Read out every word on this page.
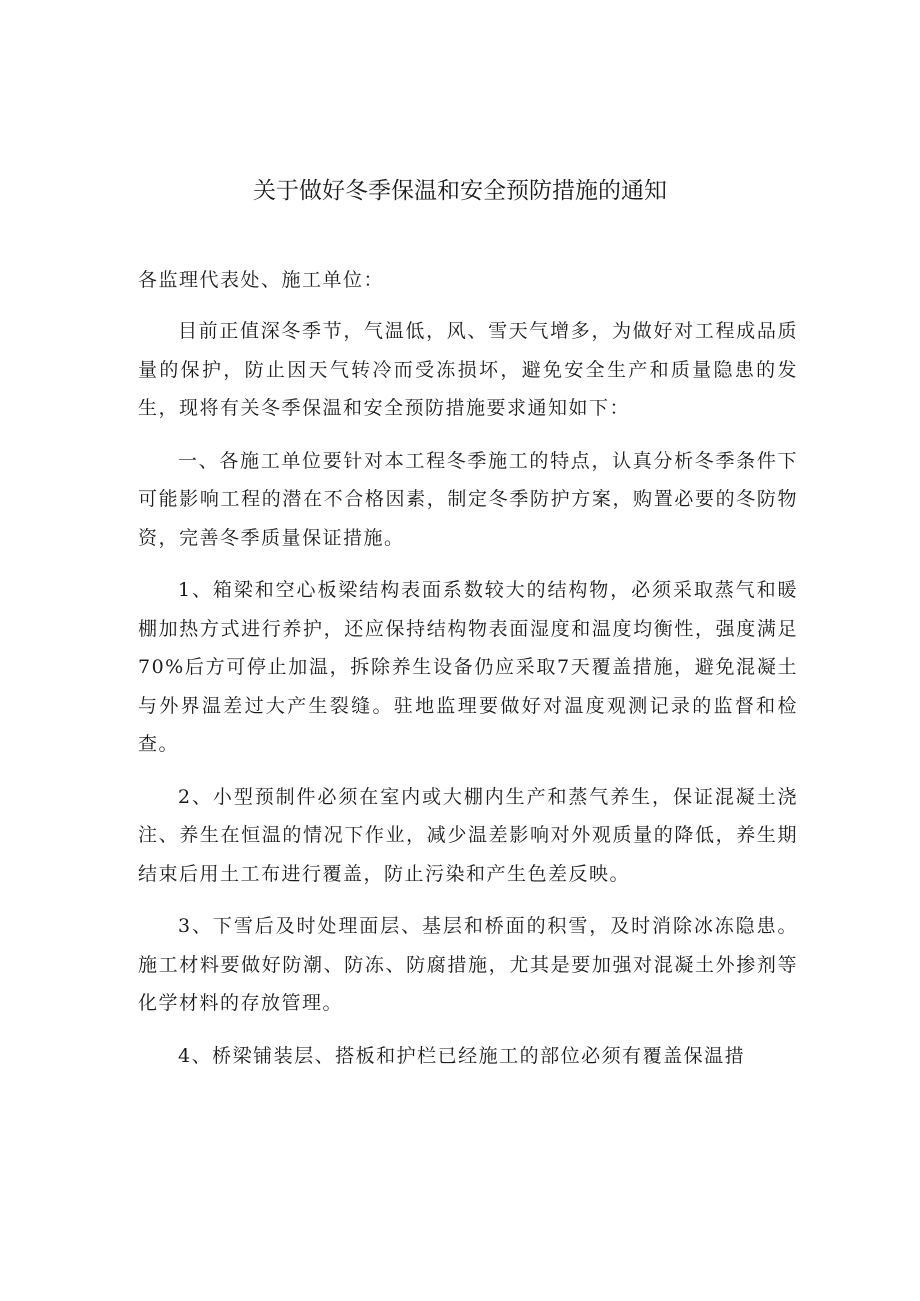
关于做好冬季保温和安全预防措施的通知

各监理代表处、施工单位：

目前正值深冬季节，气温低，风、雪天气增多，为做好对工程成品质量的保护，防止因天气转冷而受冻损坏，避免安全生产和质量隐患的发生，现将有关冬季保温和安全预防措施要求通知如下：

一、各施工单位要针对本工程冬季施工的特点，认真分析冬季条件下可能影响工程的潜在不合格因素，制定冬季防护方案，购置必要的冬防物资，完善冬季质量保证措施。

1、箱梁和空心板梁结构表面系数较大的结构物，必须采取蒸气和暖棚加热方式进行养护，还应保持结构物表面湿度和温度均衡性，强度满足70%后方可停止加温，拆除养生设备仍应采取7天覆盖措施，避免混凝土与外界温差过大产生裂缝。驻地监理要做好对温度观测记录的监督和检查。

2、小型预制件必须在室内或大棚内生产和蒸气养生，保证混凝土浇注、养生在恒温的情况下作业，减少温差影响对外观质量的降低，养生期结束后用土工布进行覆盖，防止污染和产生色差反映。

3、下雪后及时处理面层、基层和桥面的积雪，及时消除冰冻隐患。施工材料要做好防潮、防冻、防腐措施，尤其是要加强对混凝土外掺剂等化学材料的存放管理。

4、桥梁铺装层、搭板和护栏已经施工的部位必须有覆盖保温措
